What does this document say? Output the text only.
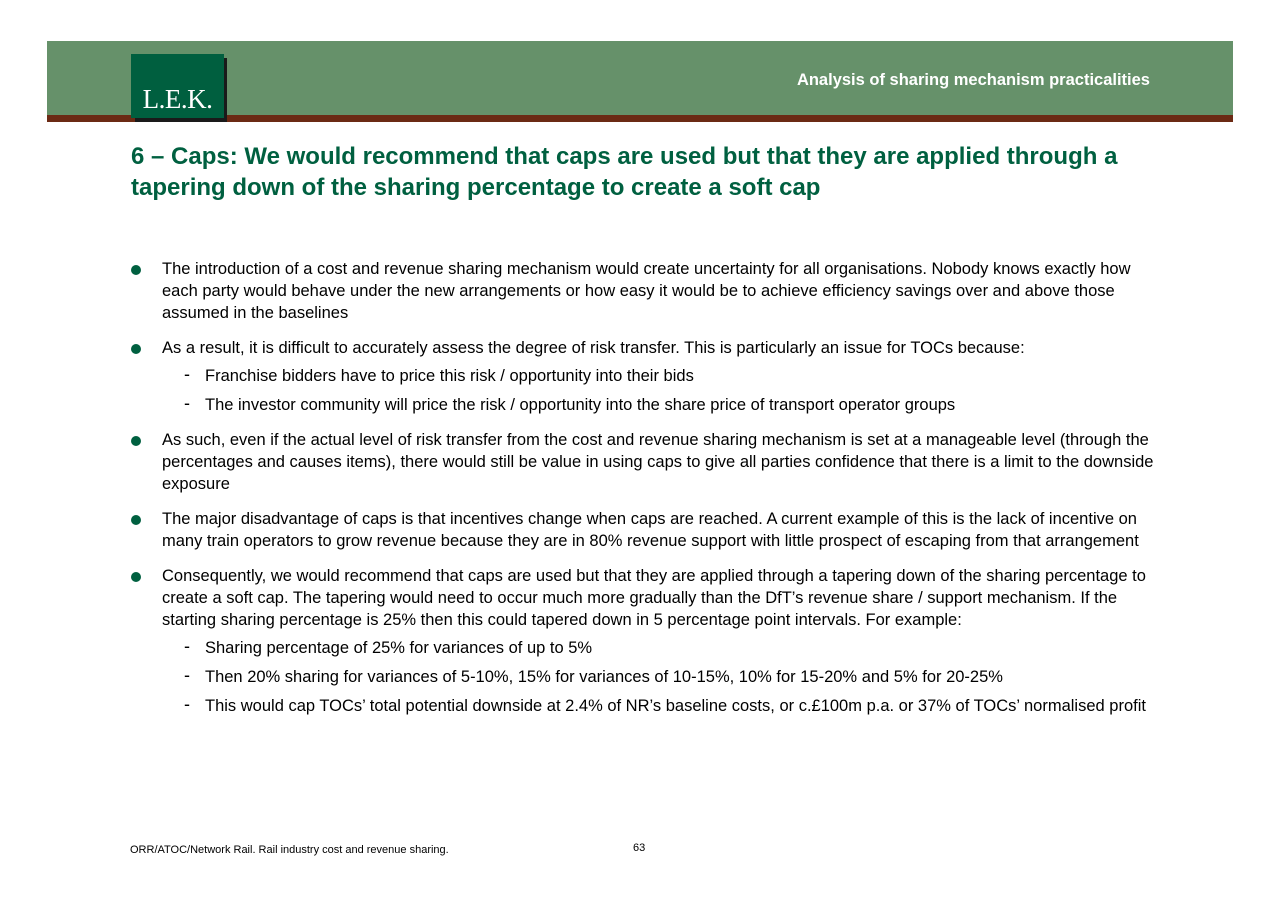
L.E.K.
Analysis of sharing mechanism practicalities
6 – Caps: We would recommend that caps are used but that they are applied through a tapering down of the sharing percentage to create a soft cap
The introduction of a cost and revenue sharing mechanism would create uncertainty for all organisations. Nobody knows exactly how each party would behave under the new arrangements or how easy it would be to achieve efficiency savings over and above those assumed in the baselines
As a result, it is difficult to accurately assess the degree of risk transfer. This is particularly an issue for TOCs because:
- Franchise bidders have to price this risk / opportunity into their bids
- The investor community will price the risk / opportunity into the share price of transport operator groups
As such, even if the actual level of risk transfer from the cost and revenue sharing mechanism is set at a manageable level (through the percentages and causes items), there would still be value in using caps to give all parties confidence that there is a limit to the downside exposure
The major disadvantage of caps is that incentives change when caps are reached. A current example of this is the lack of incentive on many train operators to grow revenue because they are in 80% revenue support with little prospect of escaping from that arrangement
Consequently, we would recommend that caps are used but that they are applied through a tapering down of the sharing percentage to create a soft cap. The tapering would need to occur much more gradually than the DfT’s revenue share / support mechanism. If the starting sharing percentage is 25% then this could tapered down in 5 percentage point intervals. For example:
- Sharing percentage of 25% for variances of up to 5%
- Then 20% sharing for variances of 5-10%, 15% for variances of 10-15%, 10% for 15-20% and 5% for 20-25%
- This would cap TOCs’ total potential downside at 2.4% of NR’s baseline costs, or c.£100m p.a. or 37% of TOCs’ normalised profit
ORR/ATOC/Network Rail. Rail industry cost and revenue sharing.	63
